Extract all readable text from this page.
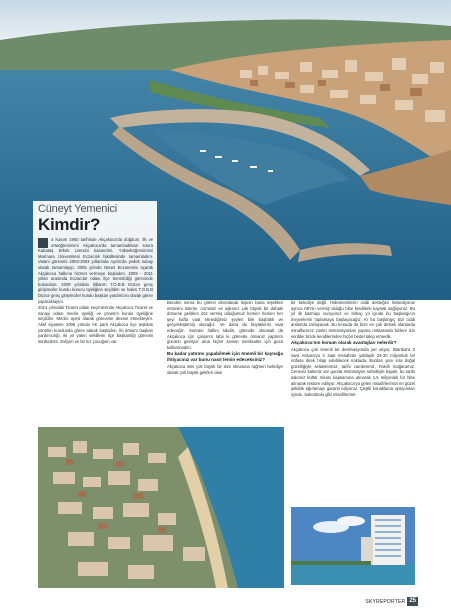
Cüneyt Yemenici
Kimdir?

4 Kasım 1960 tarihinde Akçakoca'da doğdum. İlk ve ortaöğrenimimi Akçakoca'da tamamladıktan sonra Kabataş Erkek Lisesini kazandım. Yükseköğrenimimi Marmara Üniversitesi Eczacılık fakültesinde tamamladım. Vatani görevimi 2003-2004 yıllarında Aydın'da yedek subay olarak tamamlayıp, 2005 yılında Nimet Eczanesini açarak Akçakoca halkına hizmet vermeye başladım. 2009 - 2011 yılları arasında Eczacılar odası ilçe temsilciliği görevinde bulundum. 2009 yılından itibaren T.O.B.B Düzce genç girişimciler kurulu kurucu üyeliğine seçildim ve halen T.O.B.B Düzce genç girişimciler kurulu başkan yardımcısı olarak görev yapmaktayım.

2013 yılındaki Ticaret odası seçimlerinde Akçakoca Ticaret ve sanayi odası meclis üyeliği ve yönetim kurulu üyeliğine seçildim. Meclis üyesi olarak görevime devam etmekteyim. Aktif siyasete 2005 yılında AK parti Akçakoca ilçe teşkilatı yönetim kurulunda görev alarak başladım. İki dönem başkan yardımcılığı, iki yıl yakın vekillerin ilçe başkanlığı görevini sürdürdüm. Evliyim ve bir kız çocuğum var.

Benden sonra bu görevi devralacak kişinin bana teşekkür etmesini isterim. Azmimiz ve aşkımız çok büyük bir dahaki döneme gelirken söz vermiş olduğumuz hemen hemen her şeyi hafta vaat etmediğimiz şeyleri bile başlattık ve gerçekleştirmiş olacağız. Ve daha da büyüklerini vaat edeceğiz. Sonrası halkın takdiri, görevde olmasak da Akçakoca için çalışırım tabii ki görevde olmanız yaptırım gücünü getiriyor ama hiçbir zaman menfaatim için gücü kullanmadım.

Bu kadar yatırımı yapabilmek için önemli bir kaynağa ihtiyacınız var bunu nasıl temin edeceksiniz?

Akçakoca ismi çok büyük bir isim olmasına rağmen belediye olarak çok büyük gelirleri olan

bir belediye değil. Hükümetimizin ciddi desteğini hissediyoruz ayrıca AB'nin vermiş olduğu hibe kredilerle kaynak sağlıyoruz. Bu yıl ilk kazmayı vuruyoruz ve birkaç yıl içinde bu başlangıcın meyvelerini toplamaya başlayacağız. Ki bu başlangıç bizi ciddi anlamda zorlayacak. Bu konuda da bize en çok destek olanlarda esnaflarımız çünkü restorasyonları yapma noktasında bizlere izin verdiler bizde kendilerinden hiçbir bedel talep etmedik.

Akçakoca'nın konum olarak avantajları nelerdir?

Akçakoca çok önemli bir destinasyonda yer alıyor, İstanbul'a 2 saat Ankara'ya 2 saat mesafede yaklaşık 25-30 milyonluk bir nüfusa direk hitap edebilecek noktada. Burdan yanı sıra doğal güzelliğiyle selalelerimiz, tarihi camilerimiz, Fakıllı mağaramız, Ceneviz kalemiz var gunda restorasyon sebebiyle kapalı, bu tarihi kalemiz kültür mirası kapsamına alınarak 1,5 milyonluk bir hibe alınarak restore ediliyor. Akçakoca'ya gelen misafirlerimizi en güzel şekilde ağırlamayı garanti ediyoruz. Çeşitli konaklama opsiyonları içinde, Saltonbolu gibi misafirlerimi-

SKYREPORTER 25
